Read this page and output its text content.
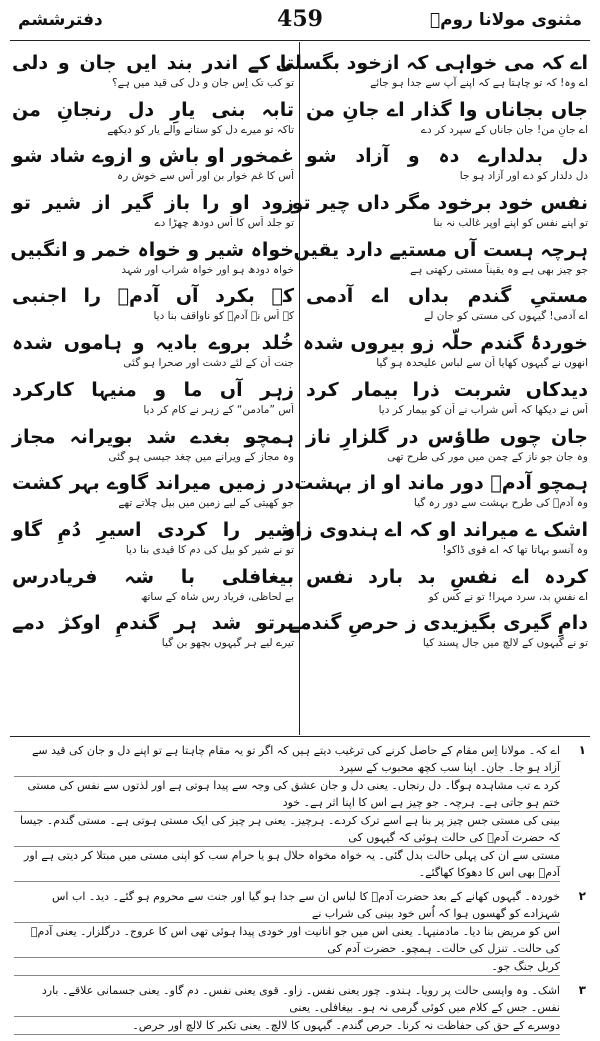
مثنوی مولانا رومؒ
459
دفترششم
اے کہ می خواہی کہ ازخود بگسلی
اے وہ! کہ تو چاہتا ہے کہ اپنے آپ سے جدا ہو جائے
جاں بجاناں وا گذار اے جانِ من
اے جانِ من! جان جاناں کے سپرد کر دے
دل بدلدارے دہ و آزاد شو
دل دلدار کو دے اور آزاد ہو جا
نفس خود برخود مگر داں چیر تو
تو اپنے نفس کو اپنے اوپر غالب نہ بنا
ہرچہ ہست آں مستیے دارد یقیں
جو چیز بھی ہے وہ یقیناً مستی رکھتی ہے
مستیِ گندم بداں اے آدمی
اے آدمی! گیہوں کی مستی کو جان لے
خوردۂ گندم حلّہ زو بیروں شدہ
انھوں نے گیہوں کھایا اُن سے لباس علیحدہ ہو گیا
دیدکاں شربت ذرا بیمار کرد
اُس نے دیکھا کہ اُس شراب نے اُن کو بیمار کر دیا
جان چوں طاؤس در گلزارِ ناز
وہ جان جو ناز کے چمن میں مور کی طرح تھی
ہمچو آدمؑ دور ماند او از بہشت
وہ آدمؑ کی طرح بہشت سے دور رہ گیا
اشک ے میراند او کہ اے ہندوی زاو
وہ آنسو بہاتا تھا کہ اے قوی ڈاکو!
کردہ اے نفسِ بد بارد نفس
اے نفسِ بد، سرد مہرا! تو نے کس کو
دامِ گیری بگیزیدی ز حرصِ گندمے
تو نے گیہوں کے لالچ میں جال پسند کیا
تا کے اندر بند ایں جان و دلی
تو کب تک اِس جان و دل کی قید میں ہے؟
تابہ بنی یارِ دل رنجانِ من
تاکہ تو میرے دل کو ستانے والے یار کو دیکھے
غمخور او باش و ازوے شاد شو
اُس کا غم خوار بن اور اُس سے خوش رہ
زود او را باز گیر از شیر تو
تو جلد اُس کا اُس دودھ چھڑا دے
خواہ شیر و خواہ خمر و انگبیں
خواہ دودھ ہو اور خواہ شراب اور شہد
کہ بکرد آں آدمؑ را اجنبی
کہ اُس نے آدمؑ کو ناواقف بنا دیا
خُلد بروے بادیہ و ہاموں شدہ
جنت اُن کے لئے دشت اور صحرا ہو گئی
زہر آں ما و منیہا کارکرد
اُس ”مادمن“ کے زہر نے کام کر دیا
ہمچو بغدے شد بویرانہ مجاز
وہ مجاز کے ویرانے میں چغد جیسی ہو گئی
در زمیں میراند گاوے بہر کشت
جو کھیتی کے لیے زمین میں بیل چلاتے تھے
شیر را کردی اسیرِ دُمِ گاو
تو نے شیر کو بیل کی دم کا قیدی بنا دیا
بیغافلی با شہ فریادرس
بے لحاظی، فریاد رس شاہ کے ساتھ
برتو شد ہر گندمِ اوکژ دمے
تیرے لیے ہر گیہوں بچھو بن گیا
۱
اے کہ۔ مولانا اِس مقام کے حاصل کرنے کی ترغیب دیتے ہیں کہ اگر تو یہ مقام چاہتا ہے تو اپنے دل و جان کی قید سے آزاد ہو جا۔ جان۔ اپنا سب کچھ محبوب کے سپرد
کرد ے تب مشاہدہ ہوگا۔ دل رنجاں۔ یعنی دل و جان عشق کی وجہ سے پیدا ہوتی ہے اور لذتوں سے نفس کی مستی ختم ہو جاتی ہے۔ ہرچہ۔ جو چیز ہے اس کا اپنا اثر ہے۔ خود
بینی کی مستی جس چیز پر بنا ہے اسے ترک کردے۔ ہرچیز۔ یعنی ہر چیز کی ایک مستی ہوتی ہے۔ مستی گندم۔ جیسا کہ حضرت آدمؑ کی حالت ہوئی کہ گیہوں کی
مستی سے ان کی پہلی حالت بدل گئی۔ یہ خواہ مخواہ حلال ہو یا حرام سب کو اپنی مستی میں مبتلا کر دیتی ہے اور آدمؑ بھی اس کا دھوکا کھاگئے۔
۲
خوردہ۔ گیہوں کھانے کے بعد حضرت آدمؑ کا لباس ان سے جدا ہو گیا اور جنت سے محروم ہو گئے۔ دید۔ اب اس شہزادے کو گھسوں ہوا کہ اُس خود بینی کی شراب نے
اس کو مریض بنا دیا۔ مادمنیہا۔ یعنی اس میں جو انانیت اور خودی پیدا ہوئی تھی اس کا عروج۔ درگلزار۔ یعنی آدمؑ کی حالت۔ تنزل کی حالت۔ ہمچو۔ حضرت آدم کی
کربل جنگ جو۔
۳
اشک۔ وہ واپسی حالت پر رویا۔ ہندو۔ چور یعنی نفس۔ زاو۔ قوی یعنی نفس۔ دم گاو۔ یعنی جسمانی علاقے۔ بارد نفس۔ جس کے کلام میں کوئی گرمی نہ ہو۔ بیغافلی۔ یعنی
دوسرے کے حق کی حفاظت نہ کرنا۔ حرص گندم۔ گیہوں کا لالچ۔ یعنی تکبر کا لالچ اور حرص۔
